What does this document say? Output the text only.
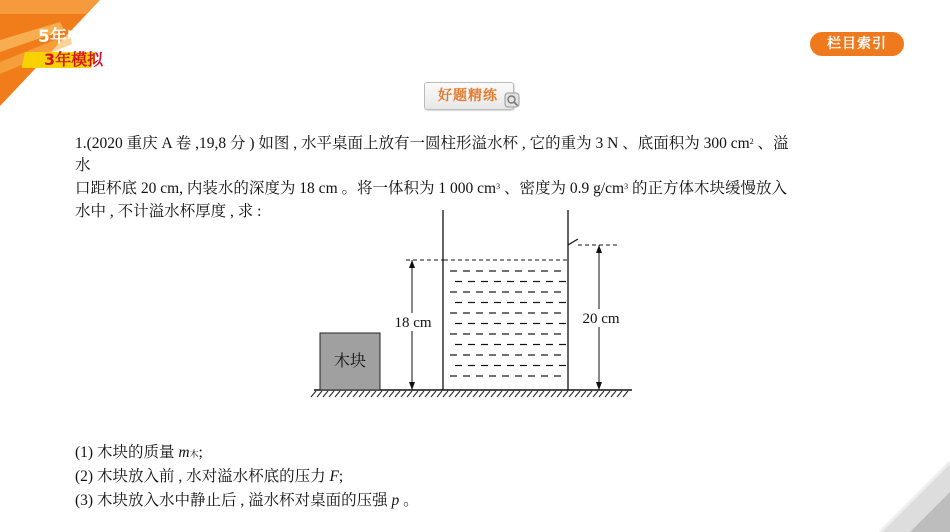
5年中考
3年模拟
栏目索引
好题精练
1.(2020 重庆 A 卷 ,19,8 分 ) 如图 , 水平桌面上放有一圆柱形溢水杯 , 它的重为 3 N 、底面积为 300 $cm^2$ 、溢
水
口距杯底 20 cm, 内装水的深度为 18 cm 。将一体积为 1 000 $cm^3$ 、密度为 0.9 $g/cm^3$ 的正方体木块缓慢放入
水中 , 不计溢水杯厚度 , 求 :
木块
18 cm	20 cm
(1) 木块的质量 m木;
(2) 木块放入前 , 水对溢水杯底的压力 F;
(3) 木块放入水中静止后 , 溢水杯对桌面的压强 p 。
